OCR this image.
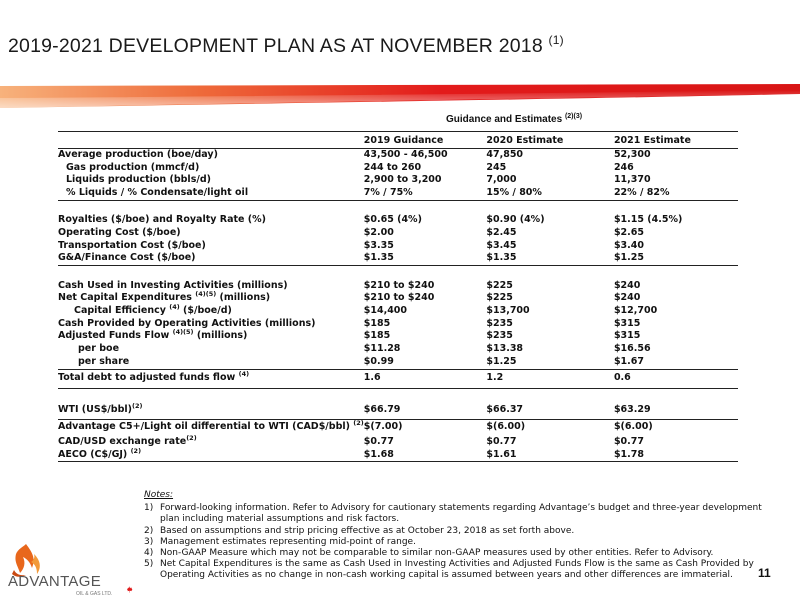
2019-2021 DEVELOPMENT PLAN AS AT NOVEMBER 2018 $^{(1)}$
Guidance and Estimates $^{(2)(3)}$
	2019 Guidance	2020 Estimate	2021 Estimate
Average production (boe/day)	43,500 - 46,500	47,850	52,300
Gas production (mmcf/d)	244 to 260	245	246
Liquids production (bbls/d)	2,900 to 3,200	7,000	11,370
% Liquids / % Condensate/light oil	7% / 75%	15% / 80%	22% / 82%

Royalties ($/boe) and Royalty Rate (%)	$0.65 (4%)	$0.90 (4%)	$1.15 (4.5%)
Operating Cost ($/boe)	$2.00	$2.45	$2.65
Transportation Cost ($/boe)	$3.35	$3.45	$3.40
G&A/Finance Cost ($/boe)	$1.35	$1.35	$1.25

Cash Used in Investing Activities (millions)	$210 to $240	$225	$240
Net Capital Expenditures $^{(4)(5)}$ (millions)	$210 to $240	$225	$240
Capital Efficiency $^{(4)}$ ($/boe/d)	$14,400	$13,700	$12,700
Cash Provided by Operating Activities (millions)	$185	$235	$315
Adjusted Funds Flow $^{(4)(5)}$ (millions)	$185	$235	$315
per boe	$11.28	$13.38	$16.56
per share	$0.99	$1.25	$1.67
Total debt to adjusted funds flow $^{(4)}$	1.6	1.2	0.6

WTI (US$/bbl)$^{(2)}$	$66.79	$66.37	$63.29
Advantage C5+/Light oil differential to WTI (CAD$/bbl) $^{(2)}$	$(7.00)	$(6.00)	$(6.00)
CAD/USD exchange rate$^{(2)}$	$0.77	$0.77	$0.77
AECO (C$/GJ) $^{(2)}$	$1.68	$1.61	$1.78
Notes:
1) Forward-looking information. Refer to Advisory for cautionary statements regarding Advantage’s budget and three-year development plan including material assumptions and risk factors.
2) Based on assumptions and strip pricing effective as at October 23, 2018 as set forth above.
3) Management estimates representing mid-point of range.
4) Non-GAAP Measure which may not be comparable to similar non-GAAP measures used by other entities. Refer to Advisory.
5) Net Capital Expenditures is the same as Cash Used in Investing Activities and Adjusted Funds Flow is the same as Cash Provided by Operating Activities as no change in non-cash working capital is assumed between years and other differences are immaterial.
ADVANTAGE
OIL & GAS LTD.
11
